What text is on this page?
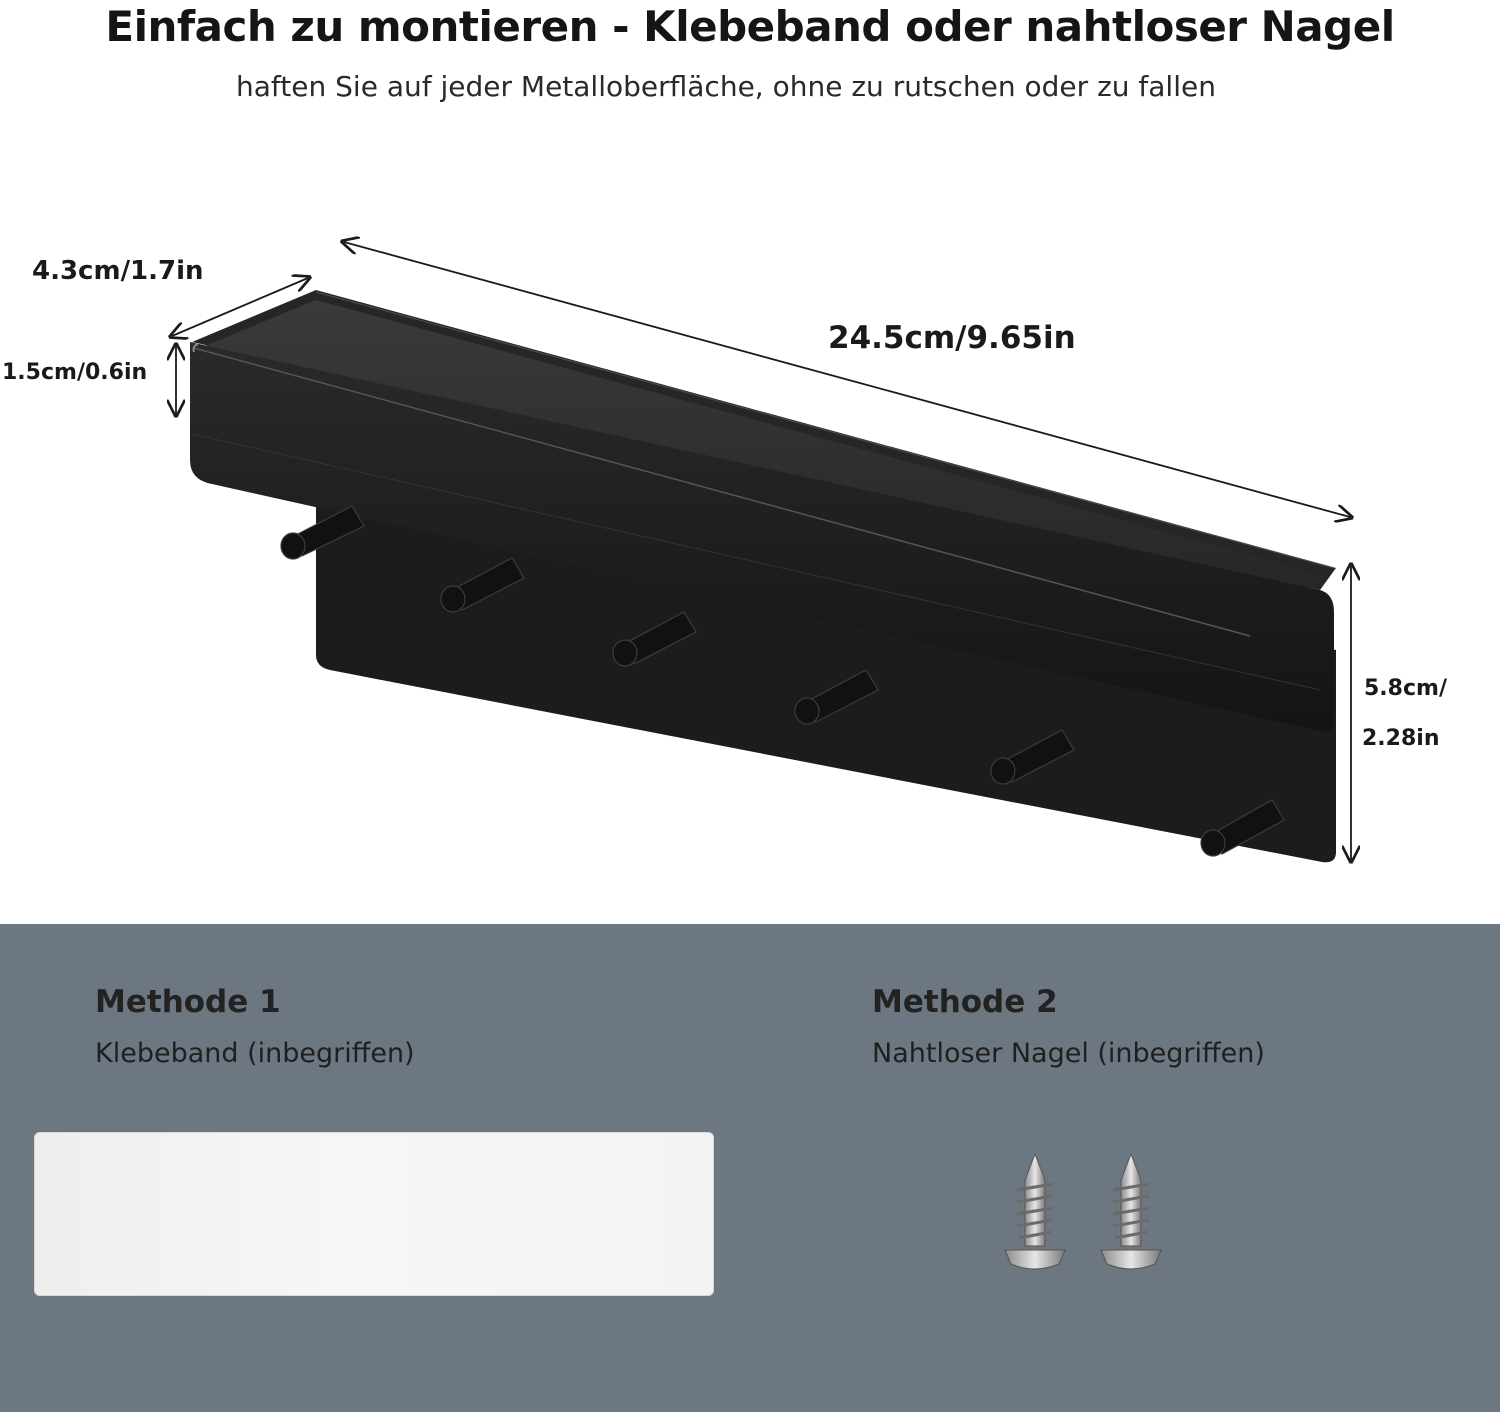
Einfach zu montieren - Klebeband oder nahtloser Nagel
haften Sie auf jeder Metalloberfläche, ohne zu rutschen oder zu fallen
4.3cm/1.7in
1.5cm/0.6in
24.5cm/9.65in
5.8cm/
2.28in
Methode 1
Klebeband (inbegriffen)
Methode 2
Nahtloser Nagel (inbegriffen)
